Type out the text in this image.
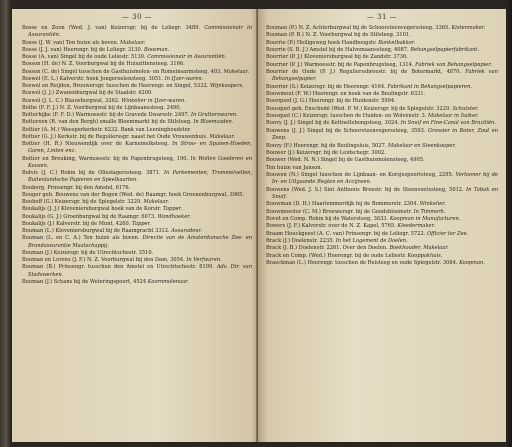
— 30 —

Bosse en Zoon (Wed. J. van) Keizersgr. bij de Leliegr. 3489. Commissionair in Assurantiën.

Bosse (J. W. van) Ten huize als boven. Makelaar.

Bosse (J. J. van) Heerengr. bij de Leliegr. 3130. Boosman.

Bosse (A. van) Singel bij de oude Leliestr. 5130. Commissionair in Assurantiën.

Bosson (H. de) N. Z. Voorburgwal bij de Huiszittensteeg. 3166.

Bosson (C. de) Singel tusschen de Gasthuismolen- en Romeinsarmsteeg. 403. Makelaar.

Boswel (E. L.) Kalverstr. hoek Jongeroelensteeg. 3051. In IJzer-waren.

Boswel en Reijdon, Brouwersgr. tusschen de Heerengr. en Singel, 5332. Wijnkoopers.

Boswel (J. J.) Zwanenburgwal bij de Staalstr. 4200.

Boswel (J. L. C.) Blauwburgwal, 3262. Winkelier in IJzer-waren.

Bothe (F. F. J.) N. Z. Voorburgwal bij de Lijnbaanssteeg. 2490.

Botterhijke (F. F. D.) Warmoesstr. bij de Gravede Dwarsstr. 2497. In Grutterswaren.

Bottereen (R. van den Bergh) smalle Bloemmarkt bij de Stilsteeg. In Bloemzaden.

Bottier (A. M.) Weesperkerkstr. 6232. Bank van Leeninghoudster.

Bottier (G. J.) Kerkstr. bij de Regulierssgr. naast het Oude Vrouwenhuis. Makelaar.

Bottier (H. R.) Nieuwendijk over de Karnemelksteeg. In Stroo- en Spanen-Hoeden, Garen, Linten enz.

Bottier en Breuking, Warmoesstr. bij de Papenbrugsteeg, 190. In Wollen Goederen en Kousen.

Botvis (J. C.) Rokin bij de Olieslagerssteeg. 3871. In Parkementen, Trommelvellen, Buitenlandsche Papieren en Speelkaarten.

Bouberg, Prinsengr. bij den Amstel, 6176.

Bouger geb. Bouwens van der Bogen (Wed. de) Raamgr. hoek Groenenburgwal, 3965.

Bouhoff (G.) Keizersgr. bij de Spiegelstr. 3229. Makelaar.

Boukalijs (J. J.) Kloveniersburgwal hoek van de Korstr. Tapper.

Boukalijs (G. J.) Groenburgwal bij de Raamgr. 6073. Wandhoeker.

Boukalijs (J.) Kalverstr. bij de Munt, 4260. Tapper.

Bouman (L.) Kloveniersburgwal bij de Raamgracht 3312. Assuradeur.

Bouman (L. en C. A.) Ten huize als boven. Directie van de Amsterdamsche Zee- en Brandassurantie Maatschappij.

Bouman (J.) Keizersgr. bij de Utrechtschestr. 3510.

Bouman en Lorens (J. F.) N. Z. Voorburgwal bij den Dam, 3054. In Verfwaren.

Bouman (B.) Prinsengr. tusschen den Amstel en Utrechtschestr. 6109. Adv. Dir. van Stadswerken.

Bouman (J.) Schans bij de Weteringspoort, 4524 Koornmolenaar.

— 31 —

Bouman (P.) N. Z. Achterburgwal bij de Schoorsteenvegerssteeg. 3365. Kistenmaker.

Bouman (P. B.) N. Z. Voorburgwal bij de Stilsteeg. 3101.

Bourrie (P.) Heiligeweg hoek Handboogstr. Banketbakker.

Bourrie (S. B. J.) Amstel bij de Halvemaanssteeg, 4087. Behangselpapierfabrikant.

Bourrier (P. J.) Kloveniersburgwal bij de Zandstr. 3736.

Bourrier (P. J.) Warmoesstr. bij de Papenbrugsteeg, 1314. Fabriek van Behangselpapier.

Bourrier de Oude (P. J.) Regulierssbreestr. bij de Botermarkt, 4870. Fabriek van Behangselpapier.

Bourrier (S.) Keizersgr. bij de Heerengr. 4164. Fabrikant in Behangselpapieren.

Bouwmeut (F. W.) Heerengr. en hoek van de Beulingstr. 6331.

Bourqued (J. G.) Heerengr. bij de Huidenstr. 5994.

Bousquet geb. Enschedé (Wed. P. M.) Keizersgr. bij de Spiegelstr. 3229. Schutster.

Bousquet (C.) Keizersgr. tusschen de Huiden- en Wolvenstr. 3. Makelaar in Suiker.

Bouvy (J. J.) Singel bij de Kettnellebongsteeg, 3024. In Snuif en Fine-Canal van Braziliën.

Bouwens (J. J.) Singel bij de Schoorsteenvegerssteeg, 3593. Grossier in Boter, Zout en Zeep.

Bouvy (F.) Heerengr. bij de Beulingsluis, 5027. Makelaar en Steenkooper.

Bouwer (J.) Keizersgr. bij de Leidschegr. 3002.

Bouwer (Wed. N. N.) Singel bij de Gasthuismolensteeg, 4905.

Ten huize van Janson.

Bouwen (N.) Singel tusschen de Lijnbaan- en Korsjespoortsteeg, 2295. Verlooner bij de In- en Uitgaande Regten en Accijnsen.

Bouwens (Wed. J. S.) Sint Anthonis Breestr. bij de Steenvoetssteeg, 5012. In Tabak en Snuif.

Bouwman (D. H.) Haarlemmerdijk bij de Bommerstr. 2304. Winkelier.

Bouwmeester (C. M.) Brouwersgr. bij de Goudsbloemstr. In Timmerh.

Bovet en Comp. Rokin bij de Watersteeg, 3633. Koopman in Manufacturen.

Bowers (J. F.) Kalverstr. over de N. Z. Kapel, 5765. Kleedermaker.

Braam Houckgeest (A. C. van) Prinsengr. bij de Leliegr. 5722. Officier ter Zee.

Brack (J.) Doelenstr. 2235. In het Logement de Doelen.

Brack (J. B.) Doelenstr. 2261. Over den Doelen. Boekhouder, Makelaar.

Brack en Comp. (Wed.) Heerengr. bij de oude Leliestr. Kooppakhuis.

Braeckman (L.) Heerengr. tusschen de Reisteeg en oude Spiegelstr. 3084. Koopman.
